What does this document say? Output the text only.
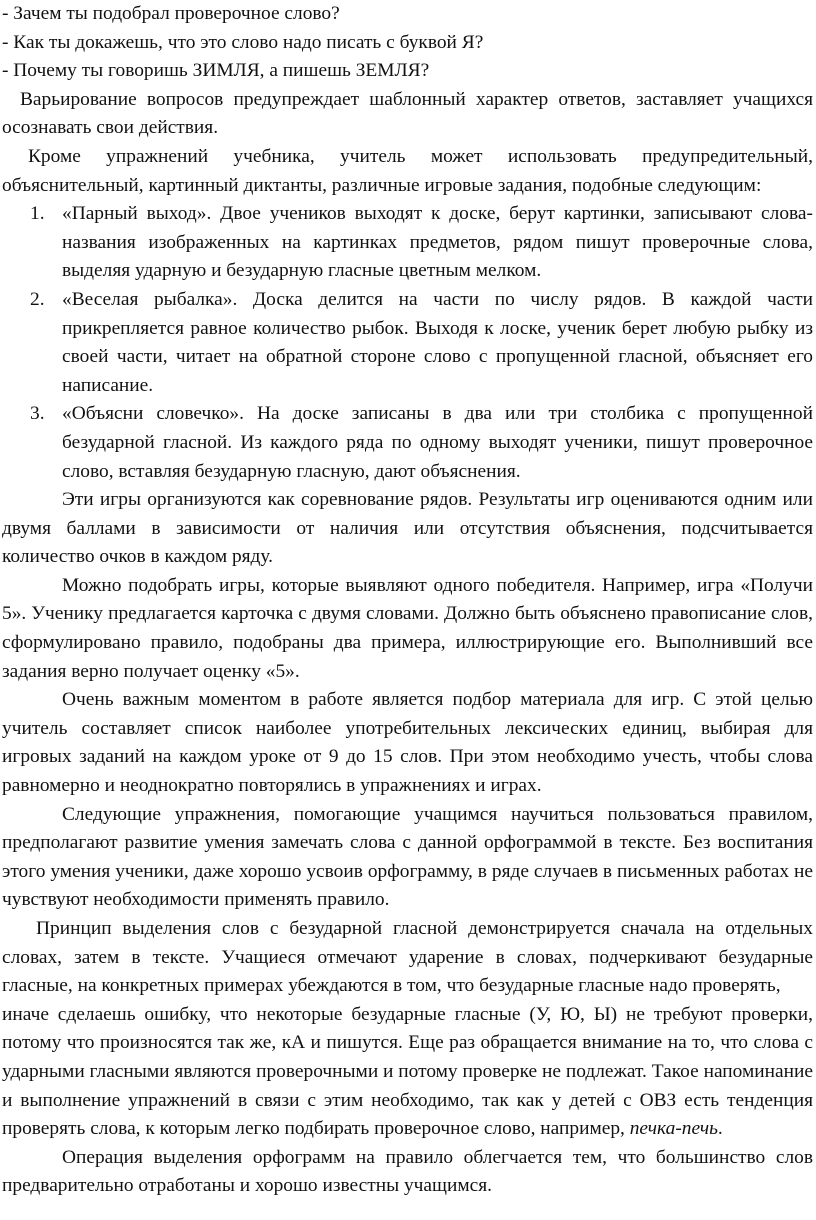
- Зачем ты подобрал проверочное слово?

- Как ты докажешь, что это слово надо писать с буквой Я?

- Почему ты говоришь ЗИМЛЯ, а пишешь ЗЕМЛЯ?

Варьирование вопросов предупреждает шаблонный характер ответов, заставляет учащихся осознавать свои действия.

Кроме упражнений учебника, учитель может использовать предупредительный, объяснительный, картинный диктанты, различные игровые задания, подобные следующим:

1. «Парный выход». Двое учеников выходят к доске, берут картинки, записывают слова- названия изображенных на картинках предметов, рядом пишут проверочные слова, выделяя ударную и безударную гласные цветным мелком.
2. «Веселая рыбалка». Доска делится на части по числу рядов. В каждой части прикрепляется равное количество рыбок. Выходя к лоске, ученик берет любую рыбку из своей части, читает на обратной стороне слово с пропущенной гласной, объясняет его написание.
3. «Объясни словечко». На доске записаны в два или три столбика с пропущенной безударной гласной. Из каждого ряда по одному выходят ученики, пишут проверочное слово, вставляя безударную гласную, дают объяснения.

Эти игры организуются как соревнование рядов. Результаты игр оцениваются одним или двумя баллами в зависимости от наличия или отсутствия объяснения, подсчитывается количество очков в каждом ряду.

Можно подобрать игры, которые выявляют одного победителя. Например, игра «Получи 5». Ученику предлагается карточка с двумя словами. Должно быть объяснено правописание слов, сформулировано правило, подобраны два примера, иллюстрирующие его. Выполнивший все задания верно получает оценку «5».

Очень важным моментом в работе является подбор материала для игр. С этой целью учитель составляет список наиболее употребительных лексических единиц, выбирая для игровых заданий на каждом уроке от 9 до 15 слов. При этом необходимо учесть, чтобы слова равномерно и неоднократно повторялись в упражнениях и играх.

Следующие упражнения, помогающие учащимся научиться пользоваться правилом, предполагают развитие умения замечать слова с данной орфограммой в тексте. Без воспитания этого умения ученики, даже хорошо усвоив орфограмму, в ряде случаев в письменных работах не чувствуют необходимости применять правило.

Принцип выделения слов с безударной гласной демонстрируется сначала на отдельных словах, затем в тексте. Учащиеся отмечают ударение в словах, подчеркивают безударные гласные, на конкретных примерах убеждаются в том, что безударные гласные надо проверять,

иначе сделаешь ошибку, что некоторые безударные гласные (У, Ю, Ы) не требуют проверки, потому что произносятся так же, кА и пишутся. Еще раз обращается внимание на то, что слова с ударными гласными являются проверочными и потому проверке не подлежат. Такое напоминание и выполнение упражнений в связи с этим необходимо, так как у детей с ОВЗ есть тенденция проверять слова, к которым легко подбирать проверочное слово, например, печка-печь.

Операция выделения орфограмм на правило облегчается тем, что большинство слов предварительно отработаны и хорошо известны учащимся.
